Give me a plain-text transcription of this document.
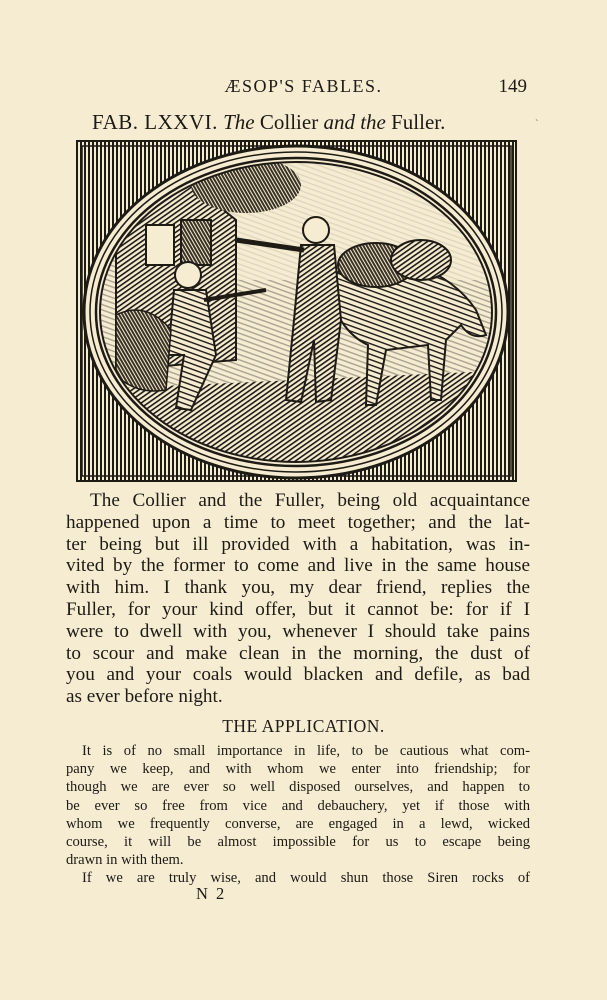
ÆSOP'S FABLES.	149
`
FAB. LXXVI. The Collier and the Fuller.
The Collier and the Fuller, being old acquaintance
happened upon a time to meet together; and the lat-
ter being but ill provided with a habitation, was in-
vited by the former to come and live in the same house
with him. I thank you, my dear friend, replies the
Fuller, for your kind offer, but it cannot be: for if I
were to dwell with you, whenever I should take pains
to scour and make clean in the morning, the dust of
you and your coals would blacken and defile, as bad
as ever before night.
THE APPLICATION.
It is of no small importance in life, to be cautious what com-
pany we keep, and with whom we enter into friendship; for
though we are ever so well disposed ourselves, and happen to
be ever so free from vice and debauchery, yet if those with
whom we frequently converse, are engaged in a lewd, wicked
course, it will be almost impossible for us to escape being
drawn in with them.
If we are truly wise, and would shun those Siren rocks of
N 2
